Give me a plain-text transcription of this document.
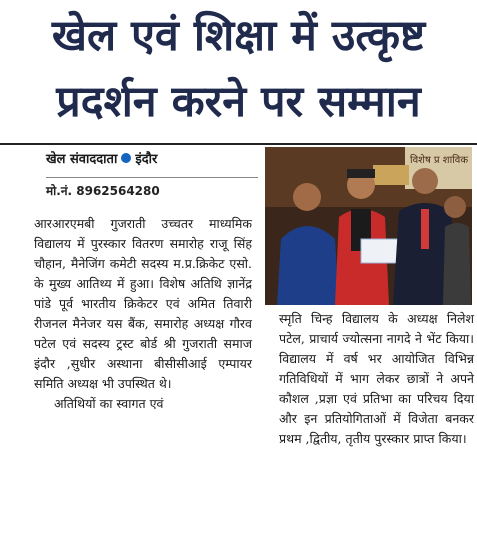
खेल एवं शिक्षा में उत्कृष्ट
प्रदर्शन करने पर सम्मान
खेल संवाददाता इंदौर
मो.नं. 8962564280
विशेष प्र शाविक

आरआरएमबी गुजराती उच्चतर माध्यमिक विद्यालय में पुरस्कार वितरण समारोह राजू सिंह चौहान, मैनेजिंग कमेटी सदस्य म.प्र.क्रिकेट एसो. के मुख्य आतिथ्य में हुआ। विशेष अतिथि ज्ञानेंद्र पांडे पूर्व भारतीय क्रिकेटर एवं अमित तिवारी रीजनल मैनेजर यस बैंक, समारोह अध्यक्ष गौरव पटेल एवं सदस्य ट्रस्ट बोर्ड श्री गुजराती समाज इंदौर ,सुधीर अस्थाना बीसीसीआई एम्पायर समिति अध्यक्ष भी उपस्थित थे।

अतिथियों का स्वागत एवं

स्मृति चिन्ह विद्यालय के अध्यक्ष निलेश पटेल, प्राचार्य ज्योत्सना नागदे ने भेंट किया। विद्यालय में वर्ष भर आयोजित विभिन्न गतिविधियों में भाग लेकर छात्रों ने अपने कौशल ,प्रज्ञा एवं प्रतिभा का परिचय दिया और इन प्रतियोगिताओं में विजेता बनकर प्रथम ,द्वितीय, तृतीय पुरस्कार प्राप्त किया।
